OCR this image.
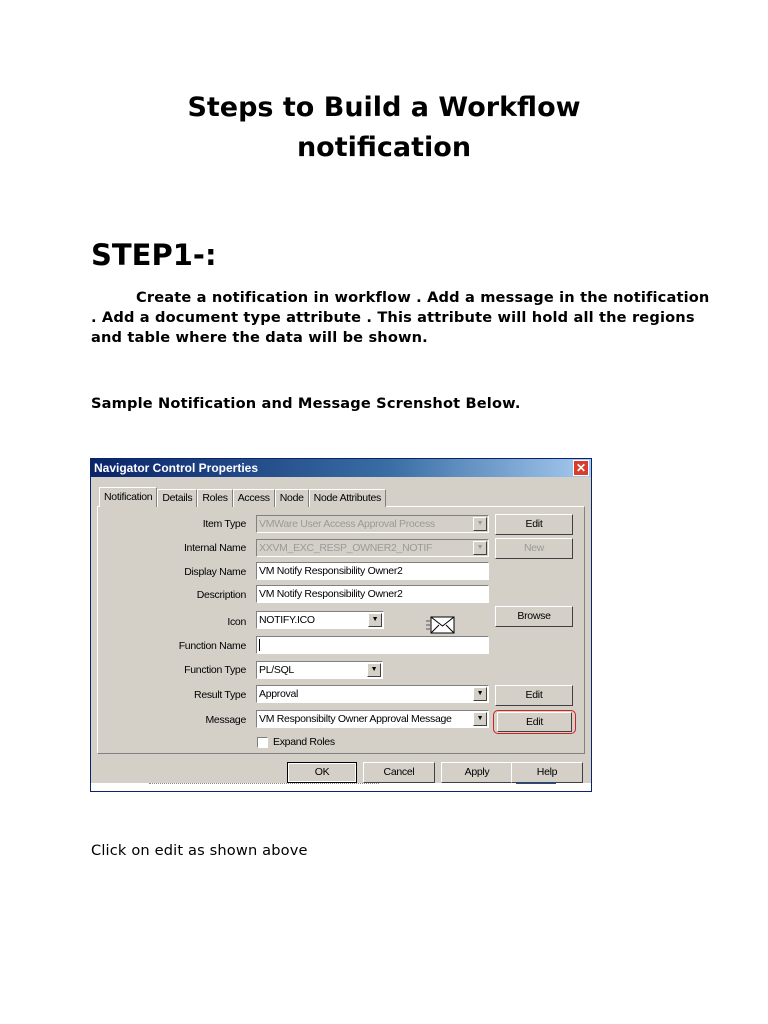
Steps to Build a Workflow
notification
STEP1-:

Create a notification in workflow . Add a message in the notification . Add a document type attribute . This attribute will hold all the regions and table where the data will be shown.

Sample Notification and Message Screnshot Below.

Navigator Control Properties	✕
Notification Details Roles Access Node Node Attributes
Item Type VMWare User Access Approval Process	▼	Edit
Internal Name XXVM_EXC_RESP_OWNER2_NOTIF	▼	New
Display Name VM Notify Responsibility Owner2
Description VM Notify Responsibility Owner2
Icon NOTIFY.ICO	▼	Browse
Function Name
Function Type PL/SQL	▼
Result Type Approval	▼	Edit
Message VM Responsibilty Owner Approval Message	▼	Edit
Expand Roles
OK	Cancel	Apply	Help

Click on edit as shown above
